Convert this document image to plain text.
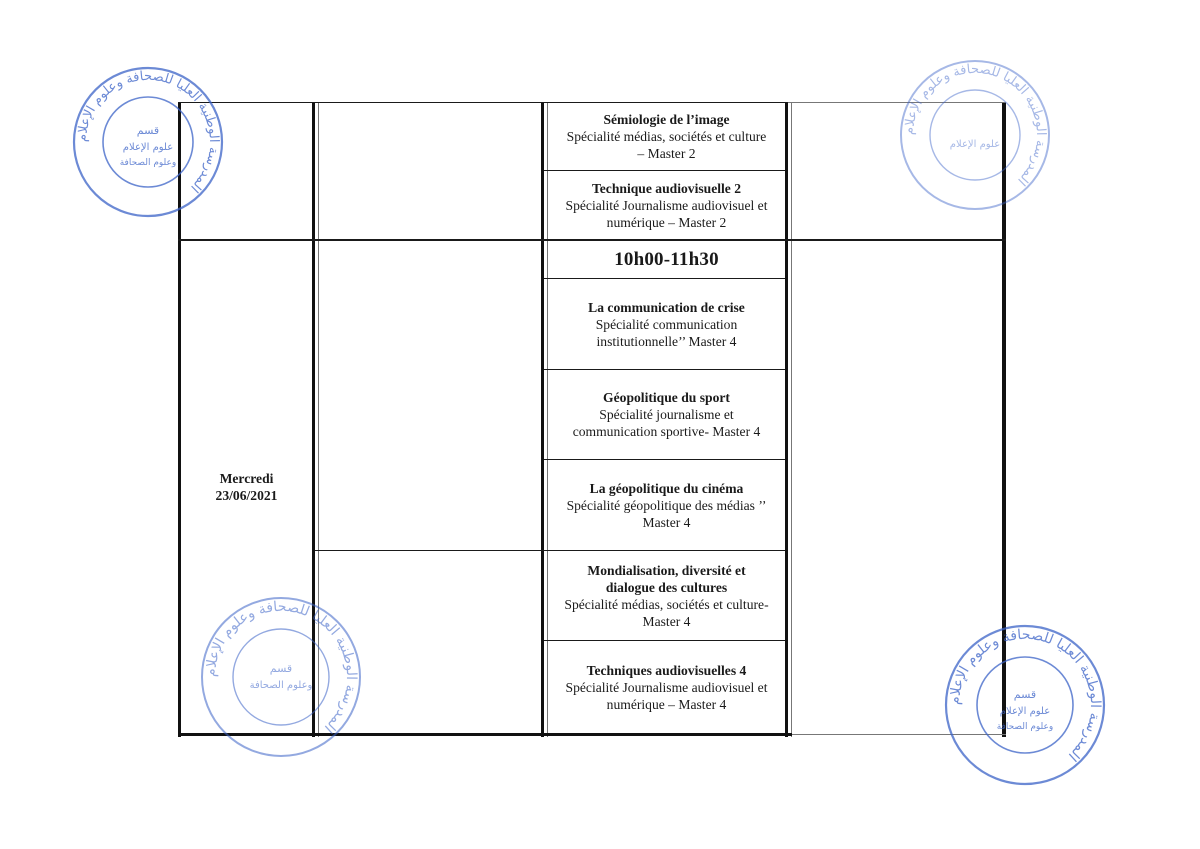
Mercredi
23/06/2021
Sémiologie de l’image
Spécialité médias, sociétés et culture
– Master 2
Technique audiovisuelle 2
Spécialité Journalisme audiovisuel et
numérique – Master 2
10h00-11h30
La communication de crise
Spécialité communication
institutionnelle’’ Master 4
Géopolitique du sport
Spécialité journalisme et
communication sportive- Master 4
La géopolitique du cinéma
Spécialité géopolitique des médias ’’
Master 4
Mondialisation, diversité et
dialogue des cultures
Spécialité médias, sociétés et culture-
Master 4
Techniques audiovisuelles 4
Spécialité Journalisme audiovisuel et
numérique – Master 4
المدرسة الوطنية العليا للصحافة وعلوم الإعلام
قسم
علوم الإعلام
وعلوم الصحافة
المدرسة الوطنية العليا للصحافة وعلوم الإعلام
علوم الإعلام
المدرسة الوطنية العليا للصحافة وعلوم الإعلام
قسم
وعلوم الصحافة
المدرسة الوطنية العليا للصحافة وعلوم الإعلام
قسم
علوم الإعلام
وعلوم الصحافة
